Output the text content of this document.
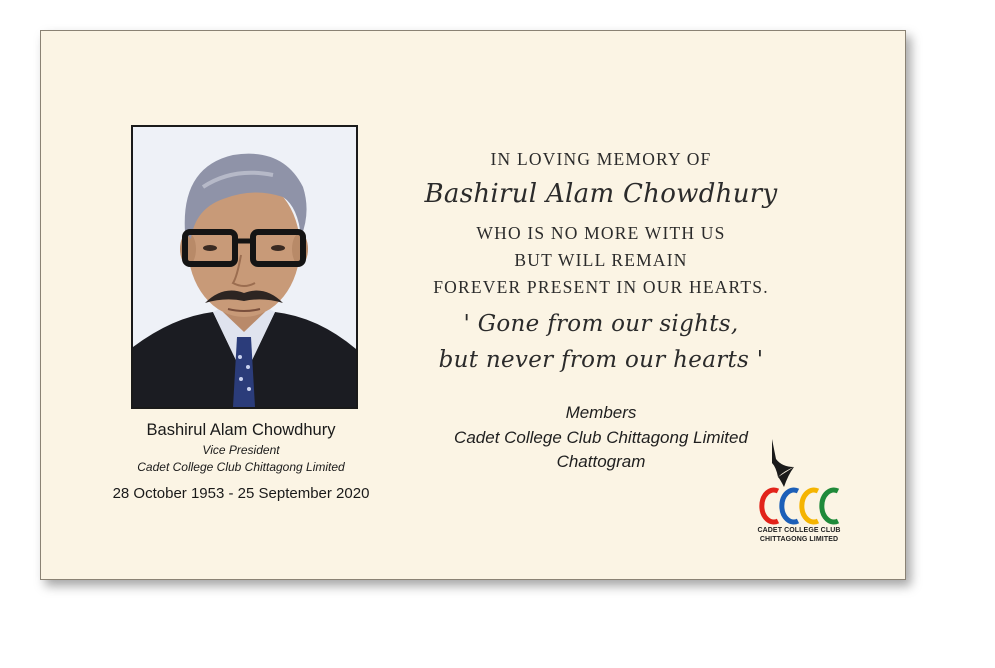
Bashirul Alam Chowdhury
Vice President
Cadet College Club Chittagong Limited
28 October 1953 - 25 September 2020
IN LOVING MEMORY OF
Bashirul Alam Chowdhury
WHO IS NO MORE WITH US
BUT WILL REMAIN
FOREVER PRESENT IN OUR HEARTS.
' Gone from our sights,
but never from our hearts '
Members
Cadet College Club Chittagong Limited
Chattogram
CADET COLLEGE CLUB
CHITTAGONG LIMITED
